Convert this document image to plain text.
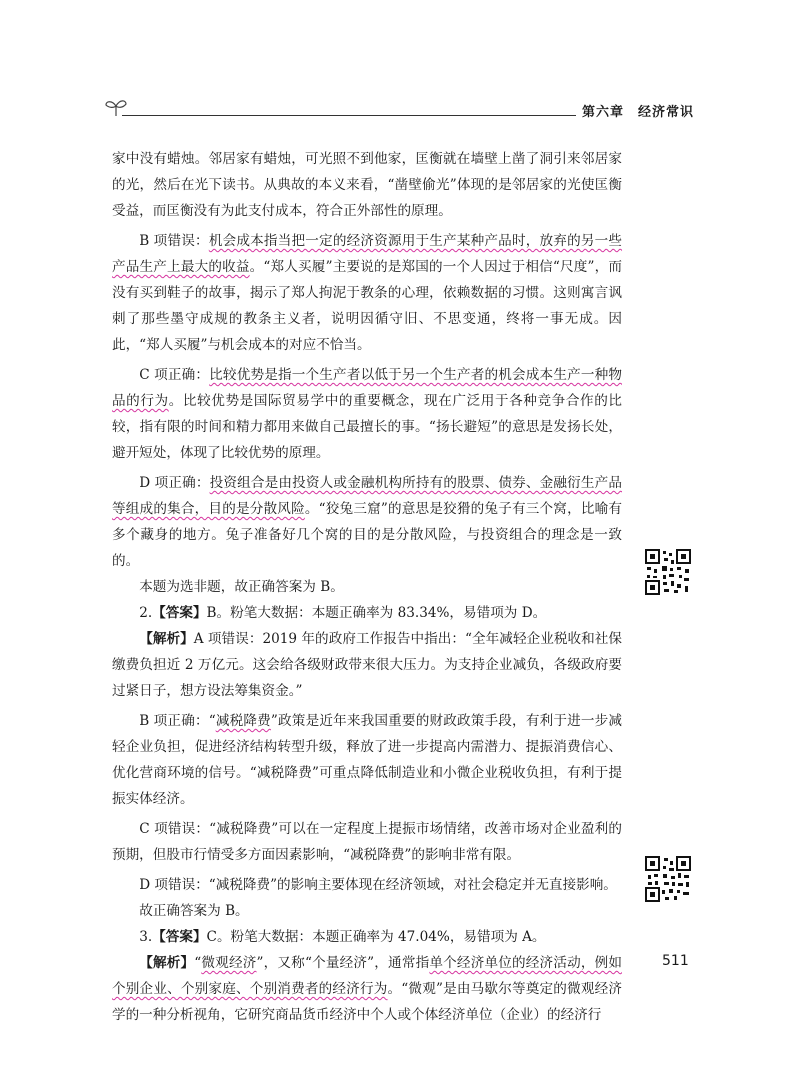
第六章 经济常识

家中没有蜡烛。邻居家有蜡烛，可光照不到他家，匡衡就在墙壁上凿了洞引来邻居家的光，然后在光下读书。从典故的本义来看，“凿壁偷光”体现的是邻居家的光使匡衡受益，而匡衡没有为此支付成本，符合正外部性的原理。

B 项错误：机会成本指当把一定的经济资源用于生产某种产品时，放弃的另一些产品生产上最大的收益。“郑人买履”主要说的是郑国的一个人因过于相信“尺度”，而没有买到鞋子的故事，揭示了郑人拘泥于教条的心理，依赖数据的习惯。这则寓言讽刺了那些墨守成规的教条主义者，说明因循守旧、不思变通，终将一事无成。因此，“郑人买履”与机会成本的对应不恰当。

C 项正确：比较优势是指一个生产者以低于另一个生产者的机会成本生产一种物品的行为。比较优势是国际贸易学中的重要概念，现在广泛用于各种竞争合作的比较，指有限的时间和精力都用来做自己最擅长的事。“扬长避短”的意思是发扬长处，避开短处，体现了比较优势的原理。

D 项正确：投资组合是由投资人或金融机构所持有的股票、债券、金融衍生产品等组成的集合，目的是分散风险。“狡兔三窟”的意思是狡猾的兔子有三个窝，比喻有多个藏身的地方。兔子准备好几个窝的目的是分散风险，与投资组合的理念是一致的。

本题为选非题，故正确答案为 B。

2.【答案】B。粉笔大数据：本题正确率为 83.34%，易错项为 D。

【解析】A 项错误：2019 年的政府工作报告中指出：“全年减轻企业税收和社保缴费负担近 2 万亿元。这会给各级财政带来很大压力。为支持企业减负，各级政府要过紧日子，想方设法筹集资金。”

B 项正确：“减税降费”政策是近年来我国重要的财政政策手段，有利于进一步减轻企业负担，促进经济结构转型升级，释放了进一步提高内需潜力、提振消费信心、优化营商环境的信号。“减税降费”可重点降低制造业和小微企业税收负担，有利于提振实体经济。

C 项错误：“减税降费”可以在一定程度上提振市场情绪，改善市场对企业盈利的预期，但股市行情受多方面因素影响，“减税降费”的影响非常有限。

D 项错误：“减税降费”的影响主要体现在经济领域，对社会稳定并无直接影响。

故正确答案为 B。

3.【答案】C。粉笔大数据：本题正确率为 47.04%，易错项为 A。

【解析】“微观经济”，又称“个量经济”，通常指单个经济单位的经济活动，例如个别企业、个别家庭、个别消费者的经济行为。“微观”是由马歇尔等奠定的微观经济学的一种分析视角，它研究商品货币经济中个人或个体经济单位（企业）的经济行

511
